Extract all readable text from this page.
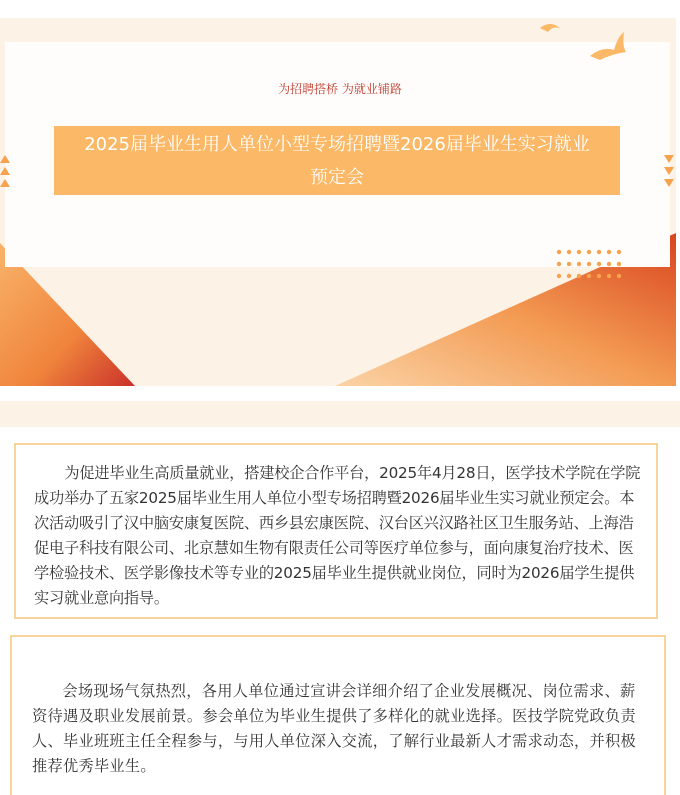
为招聘搭桥 为就业铺路
2025届毕业生用人单位小型专场招聘暨2026届毕业生实习就业预定会

为促进毕业生高质量就业，搭建校企合作平台，2025年4月28日，医学技术学院在学院成功举办了五家2025届毕业生用人单位小型专场招聘暨2026届毕业生实习就业预定会。本次活动吸引了汉中脑安康复医院、西乡县宏康医院、汉台区兴汉路社区卫生服务站、上海浩促电子科技有限公司、北京慧如生物有限责任公司等医疗单位参与，面向康复治疗技术、医学检验技术、医学影像技术等专业的2025届毕业生提供就业岗位，同时为2026届学生提供实习就业意向指导。

会场现场气氛热烈，各用人单位通过宣讲会详细介绍了企业发展概况、岗位需求、薪资待遇及职业发展前景。参会单位为毕业生提供了多样化的就业选择。医技学院党政负责人、毕业班班主任全程参与，与用人单位深入交流，了解行业最新人才需求动态，并积极推荐优秀毕业生。
